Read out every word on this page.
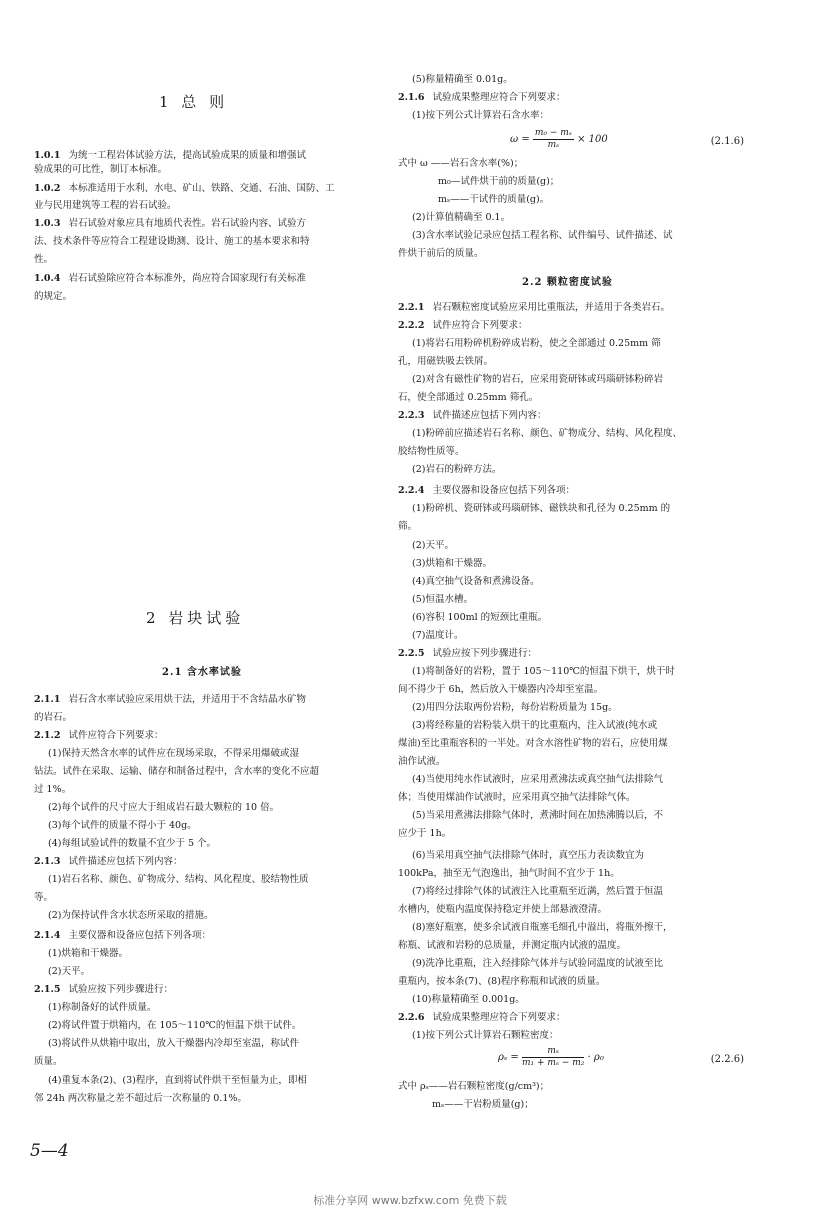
1 总 则
1.0.1 为统一工程岩体试验方法，提高试验成果的质量和增强试
验成果的可比性，制订本标准。
1.0.2 本标准适用于水利、水电、矿山、铁路、交通、石油、国防、工
业与民用建筑等工程的岩石试验。
1.0.3 岩石试验对象应具有地质代表性。岩石试验内容、试验方
法、技术条件等应符合工程建设勘测、设计、施工的基本要求和特
性。
1.0.4 岩石试验除应符合本标准外，尚应符合国家现行有关标准
的规定。
2 岩块试验
2.1 含水率试验
2.1.1 岩石含水率试验应采用烘干法，并适用于不含结晶水矿物
的岩石。
2.1.2 试件应符合下列要求：
(1)保持天然含水率的试件应在现场采取，不得采用爆破或湿
钻法。试件在采取、运输、储存和制备过程中，含水率的变化不应超
过 1%。
(2)每个试件的尺寸应大于组成岩石最大颗粒的 10 倍。
(3)每个试件的质量不得小于 40g。
(4)每组试验试件的数量不宜少于 5 个。
2.1.3 试件描述应包括下列内容：
(1)岩石名称、颜色、矿物成分、结构、风化程度、胶结物性质
等。
(2)为保持试件含水状态所采取的措施。
2.1.4 主要仪器和设备应包括下列各项：
(1)烘箱和干燥器。
(2)天平。
2.1.5 试验应按下列步骤进行：
(1)称制备好的试件质量。
(2)将试件置于烘箱内，在 105～110℃的恒温下烘干试件。
(3)将试件从烘箱中取出，放入干燥器内冷却至室温，称试件
质量。
(4)重复本条(2)、(3)程序，直到将试件烘干至恒量为止，即相
邻 24h 两次称量之差不超过后一次称量的 0.1%。
(5)称量精确至 0.01g。
2.1.6 试验成果整理应符合下列要求：
(1)按下列公式计算岩石含水率：
$\omega = \frac{\text{m₀ − mₛ}}{\text{mₛ}} \times 100$	(2.1.6)
式中 ω ——岩石含水率(%)；
m₀—试件烘干前的质量(g)；
mₛ——干试件的质量(g)。
(2)计算值精确至 0.1。
(3)含水率试验记录应包括工程名称、试件编号、试件描述、试
件烘干前后的质量。
2.2 颗粒密度试验
2.2.1 岩石颗粒密度试验应采用比重瓶法，并适用于各类岩石。
2.2.2 试件应符合下列要求：
(1)将岩石用粉碎机粉碎成岩粉，使之全部通过 0.25mm 筛
孔，用磁铁吸去铁屑。
(2)对含有磁性矿物的岩石，应采用瓷研钵或玛瑙研钵粉碎岩
石，使全部通过 0.25mm 筛孔。
2.2.3 试件描述应包括下列内容：
(1)粉碎前应描述岩石名称、颜色、矿物成分、结构、风化程度、
胶结物性质等。
(2)岩石的粉碎方法。
2.2.4 主要仪器和设备应包括下列各项：
(1)粉碎机、瓷研钵或玛瑙研钵、磁铁块和孔径为 0.25mm 的
筛。
(2)天平。
(3)烘箱和干燥器。
(4)真空抽气设备和煮沸设备。
(5)恒温水槽。
(6)容积 100ml 的短颈比重瓶。
(7)温度计。
2.2.5 试验应按下列步骤进行：
(1)将制备好的岩粉，置于 105～110℃的恒温下烘干，烘干时
间不得少于 6h，然后放入干燥器内冷却至室温。
(2)用四分法取两份岩粉，每份岩粉质量为 15g。
(3)将经称量的岩粉装入烘干的比重瓶内，注入试液(纯水或
煤油)至比重瓶容积的一半处。对含水溶性矿物的岩石，应使用煤
油作试液。
(4)当使用纯水作试液时，应采用煮沸法或真空抽气法排除气
体；当使用煤油作试液时，应采用真空抽气法排除气体。
(5)当采用煮沸法排除气体时，煮沸时间在加热沸腾以后，不
应少于 1h。
(6)当采用真空抽气法排除气体时，真空压力表读数宜为
100kPa，抽至无气泡逸出，抽气时间不宜少于 1h。
(7)将经过排除气体的试液注入比重瓶至近满，然后置于恒温
水槽内，使瓶内温度保持稳定并使上部悬液澄清。
(8)塞好瓶塞，使多余试液自瓶塞毛细孔中溢出，将瓶外擦干，
称瓶、试液和岩粉的总质量，并测定瓶内试液的温度。
(9)洗净比重瓶，注入经排除气体并与试验同温度的试液至比
重瓶内，按本条(7)、(8)程序称瓶和试液的质量。
(10)称量精确至 0.001g。
2.2.6 试验成果整理应符合下列要求：
(1)按下列公式计算岩石颗粒密度：
$\rho_s = \frac{\text{mₛ}}{\text{m₁ + mₛ − m₂}} \cdot \rho_0$	(2.2.6)
式中 ρₛ——岩石颗粒密度(g/cm³)；
mₛ——干岩粉质量(g)；
5—4
标准分享网 www.bzfxw.com 免费下载
